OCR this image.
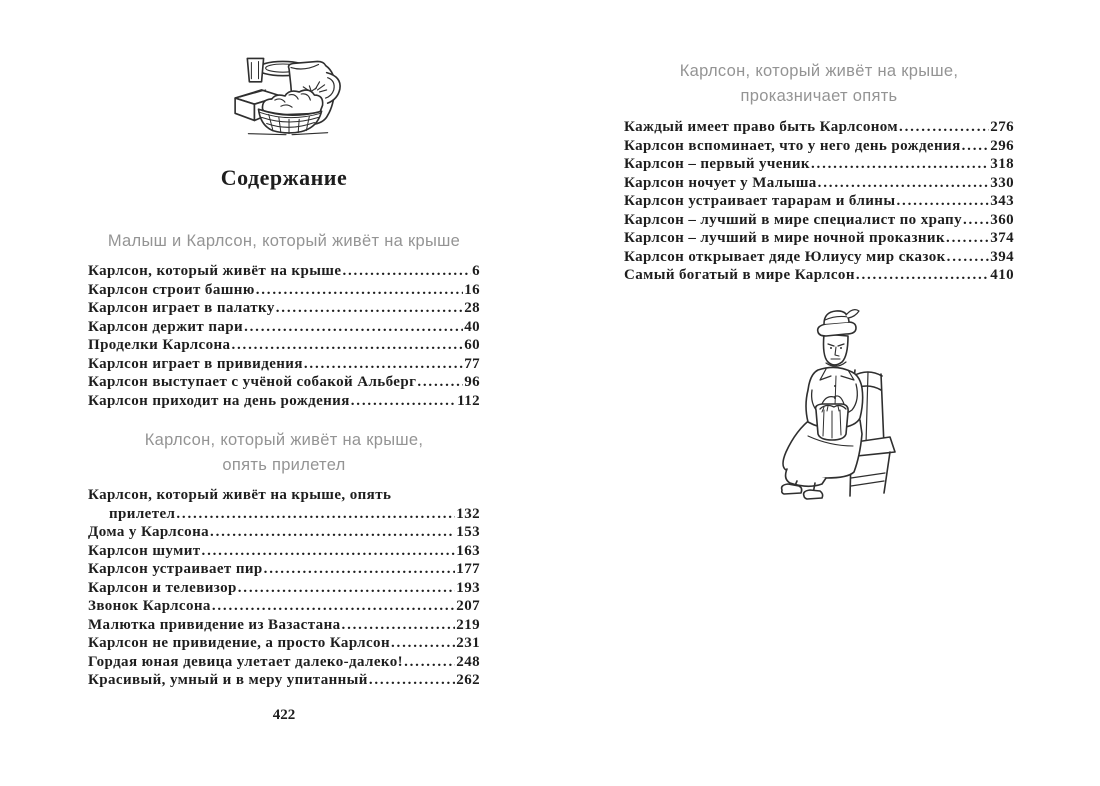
Содержание
Малыш и Карлсон, который живёт на крыше
Карлсон, который живёт на крыше .....	6
Карлсон строит башню .....	16
Карлсон играет в палатку .....	28
Карлсон держит пари .....	40
Проделки Карлсона .....	60
Карлсон играет в привидения .....	77
Карлсон выступает с учёной собакой Альберг .....	96
Карлсон приходит на день рождения .....	112
Карлсон, который живёт на крыше,
опять прилетел
Карлсон, который живёт на крыше, опять
прилетел .....	132
Дома у Карлсона .....	153
Карлсон шумит .....	163
Карлсон устраивает пир .....	177
Карлсон и телевизор .....	193
Звонок Карлсона .....	207
Малютка привидение из Вазастана .....	219
Карлсон не привидение, а просто Карлсон .....	231
Гордая юная девица улетает далеко-далеко! .....	248
Красивый, умный и в меру упитанный .....	262
422
Карлсон, который живёт на крыше,
проказничает опять
Каждый имеет право быть Карлсоном .....	276
Карлсон вспоминает, что у него день рождения ..... 296
Карлсон – первый ученик .....	318
Карлсон ночует у Малыша .....	330
Карлсон устраивает тарарам и блины .....	343
Карлсон – лучший в мире специалист по храпу ..... 360
Карлсон – лучший в мире ночной проказник .....	374
Карлсон открывает дяде Юлиусу мир сказок .....	394
Самый богатый в мире Карлсон .....	410
